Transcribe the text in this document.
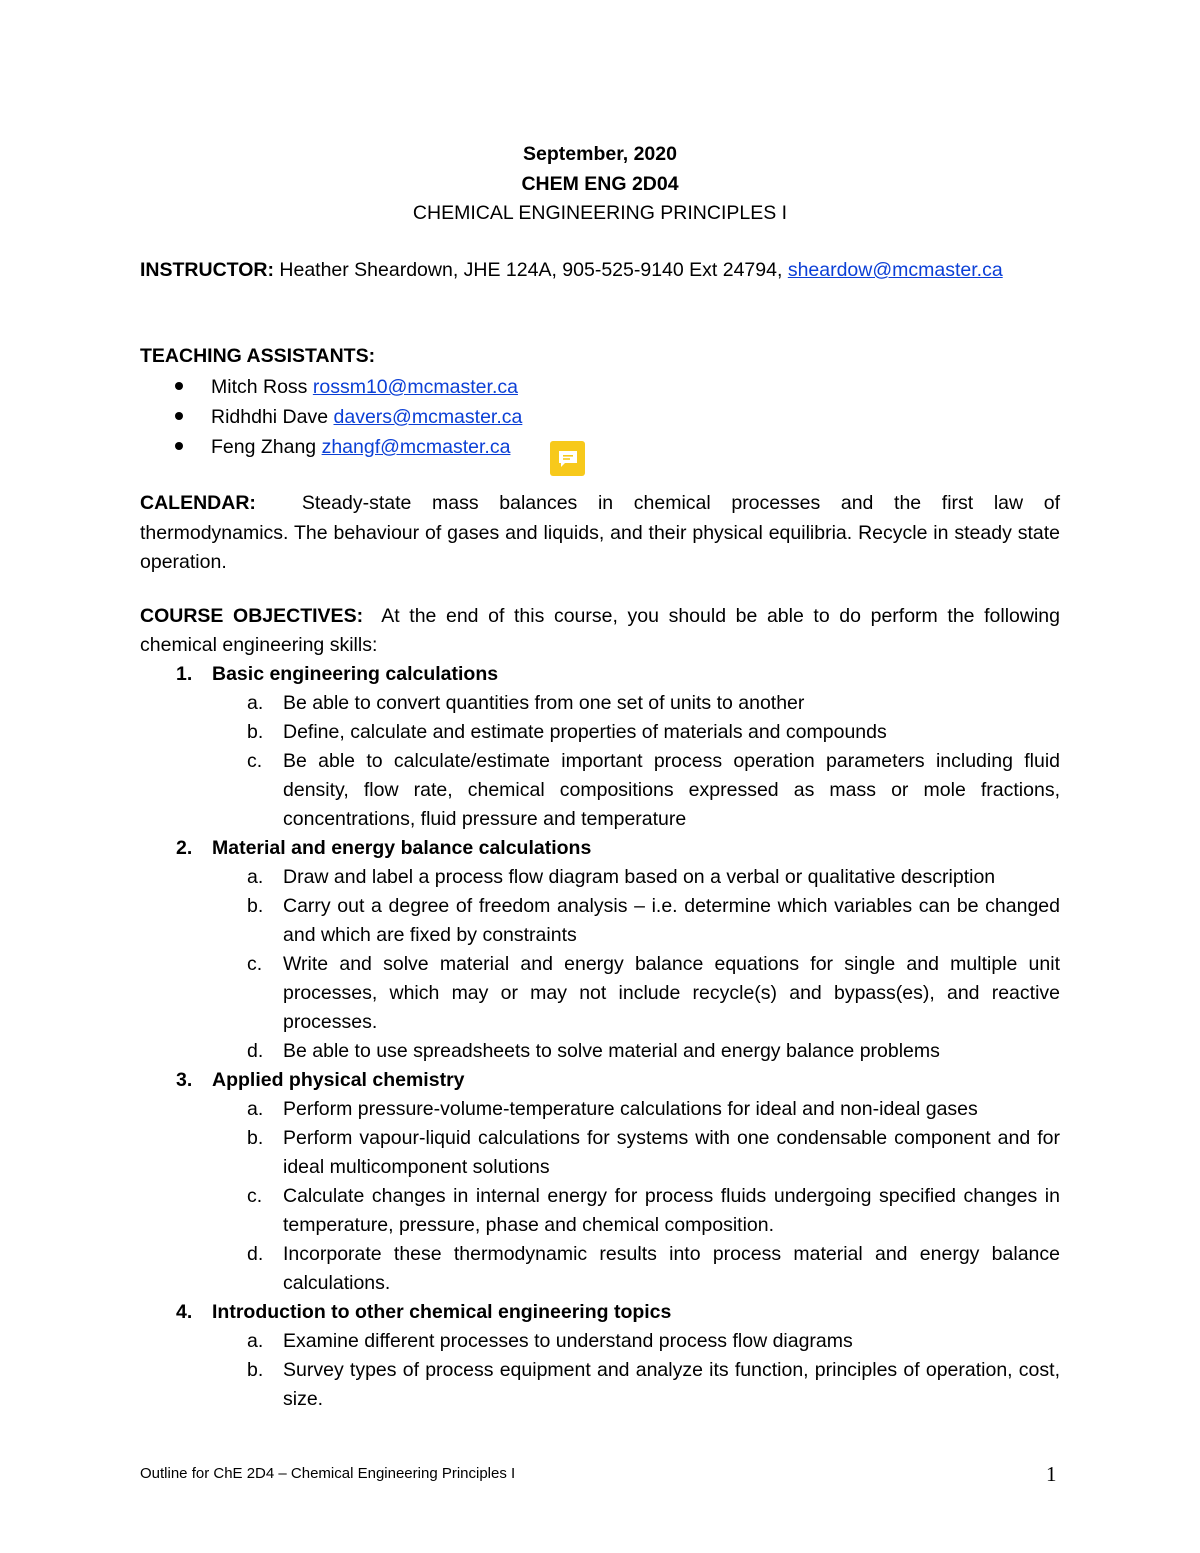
September, 2020
CHEM ENG 2D04
CHEMICAL ENGINEERING PRINCIPLES I
INSTRUCTOR: Heather Sheardown, JHE 124A, 905-525-9140 Ext 24794, sheardow@mcmaster.ca
TEACHING ASSISTANTS:
Mitch Ross rossm10@mcmaster.ca
Ridhdhi Dave davers@mcmaster.ca
Feng Zhang zhangf@mcmaster.ca
CALENDAR: Steady-state mass balances in chemical processes and the first law of thermodynamics. The behaviour of gases and liquids, and their physical equilibria. Recycle in steady state operation.
COURSE OBJECTIVES: At the end of this course, you should be able to do perform the following chemical engineering skills:
1. Basic engineering calculations
a. Be able to convert quantities from one set of units to another
b. Define, calculate and estimate properties of materials and compounds
c. Be able to calculate/estimate important process operation parameters including fluid density, flow rate, chemical compositions expressed as mass or mole fractions, concentrations, fluid pressure and temperature
2. Material and energy balance calculations
a. Draw and label a process flow diagram based on a verbal or qualitative description
b. Carry out a degree of freedom analysis – i.e. determine which variables can be changed and which are fixed by constraints
c. Write and solve material and energy balance equations for single and multiple unit processes, which may or may not include recycle(s) and bypass(es), and reactive processes.
d. Be able to use spreadsheets to solve material and energy balance problems
3. Applied physical chemistry
a. Perform pressure-volume-temperature calculations for ideal and non-ideal gases
b. Perform vapour-liquid calculations for systems with one condensable component and for ideal multicomponent solutions
c. Calculate changes in internal energy for process fluids undergoing specified changes in temperature, pressure, phase and chemical composition.
d. Incorporate these thermodynamic results into process material and energy balance calculations.
4. Introduction to other chemical engineering topics
a. Examine different processes to understand process flow diagrams
b. Survey types of process equipment and analyze its function, principles of operation, cost, size.
Outline for ChE 2D4 – Chemical Engineering Principles I	1
